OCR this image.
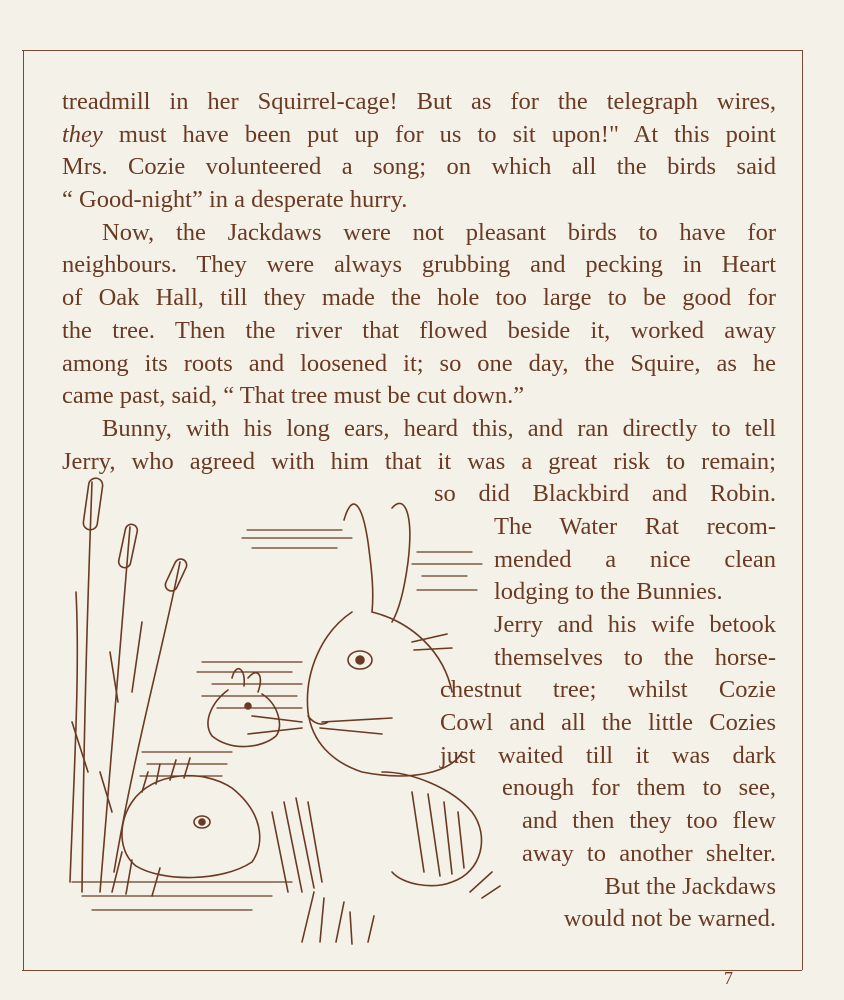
treadmill in her Squirrel-cage! But as for the telegraph wires,
they must have been put up for us to sit upon!" At this point
Mrs. Cozie volunteered a song; on which all the birds said
“ Good-night” in a desperate hurry.
Now, the Jackdaws were not pleasant birds to have for
neighbours. They were always grubbing and pecking in Heart
of Oak Hall, till they made the hole too large to be good for
the tree. Then the river that flowed beside it, worked away
among its roots and loosened it; so one day, the Squire, as he
came past, said, “ That tree must be cut down.”
Bunny, with his long ears, heard this, and ran directly to tell
Jerry, who agreed with him that it was a great risk to remain;
so did Blackbird and Robin.
The Water Rat recom-
mended a nice clean
lodging to the Bunnies.
Jerry and his wife betook
themselves to the horse-
chestnut tree; whilst Cozie
Cowl and all the little Cozies
just waited till it was dark
enough for them to see,
and then they too flew
away to another shelter.
But the Jackdaws
would not be warned.
7
